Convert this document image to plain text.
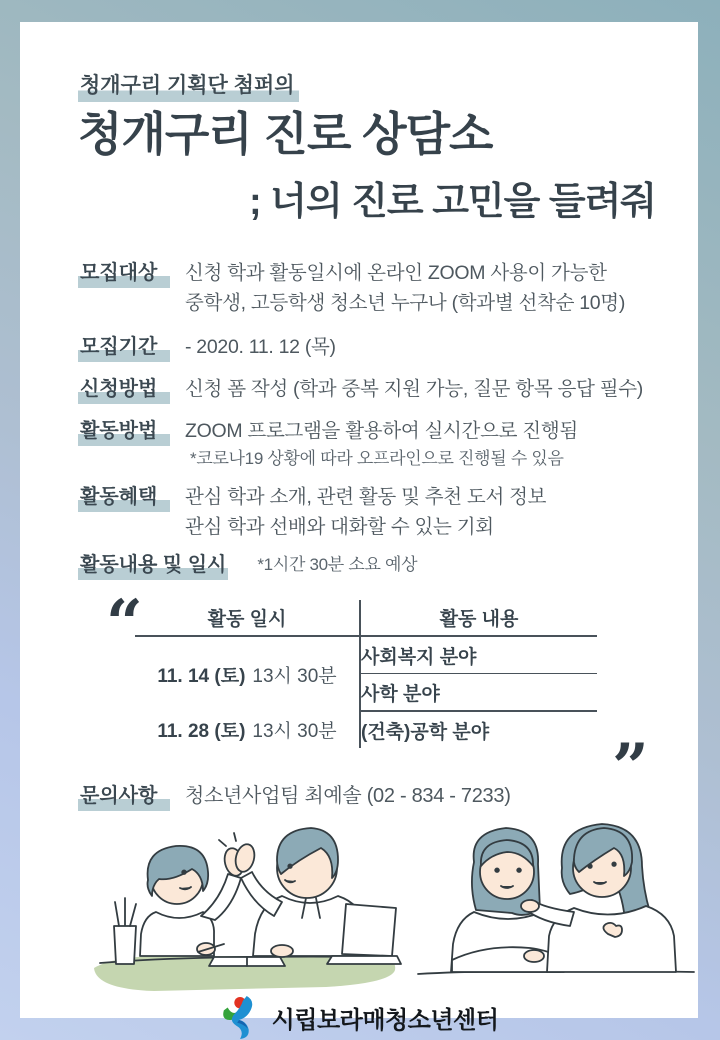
청개구리 기획단 첨퍼의
청개구리 진로 상담소
; 너의 진로 고민을 들려줘
모집대상	신청 학과 활동일시에 온라인 ZOOM 사용이 가능한
중학생, 고등학생 청소년 누구나 (학과별 선착순 10명)
모집기간	- 2020. 11. 12 (목)
신청방법	신청 폼 작성 (학과 중복 지원 가능, 질문 항목 응답 필수)
활동방법	ZOOM 프로그램을 활용하여 실시간으로 진행됨
*코로나19 상황에 따라 오프라인으로 진행될 수 있음
활동혜택	관심 학과 소개, 관련 활동 및 추천 도서 정보
관심 학과 선배와 대화할 수 있는 기회
활동내용 및 일시 *1시간 30분 소요 예상
활동 일시	활동 내용

11. 14 (토) 13시 30분	사회복지 분야
	사학 분야

11. 28 (토) 13시 30분	(건축)공학 분야
문의사항	청소년사업팀 최예솔 (02 - 834 - 7233)
“
”
시립보라매청소년센터
